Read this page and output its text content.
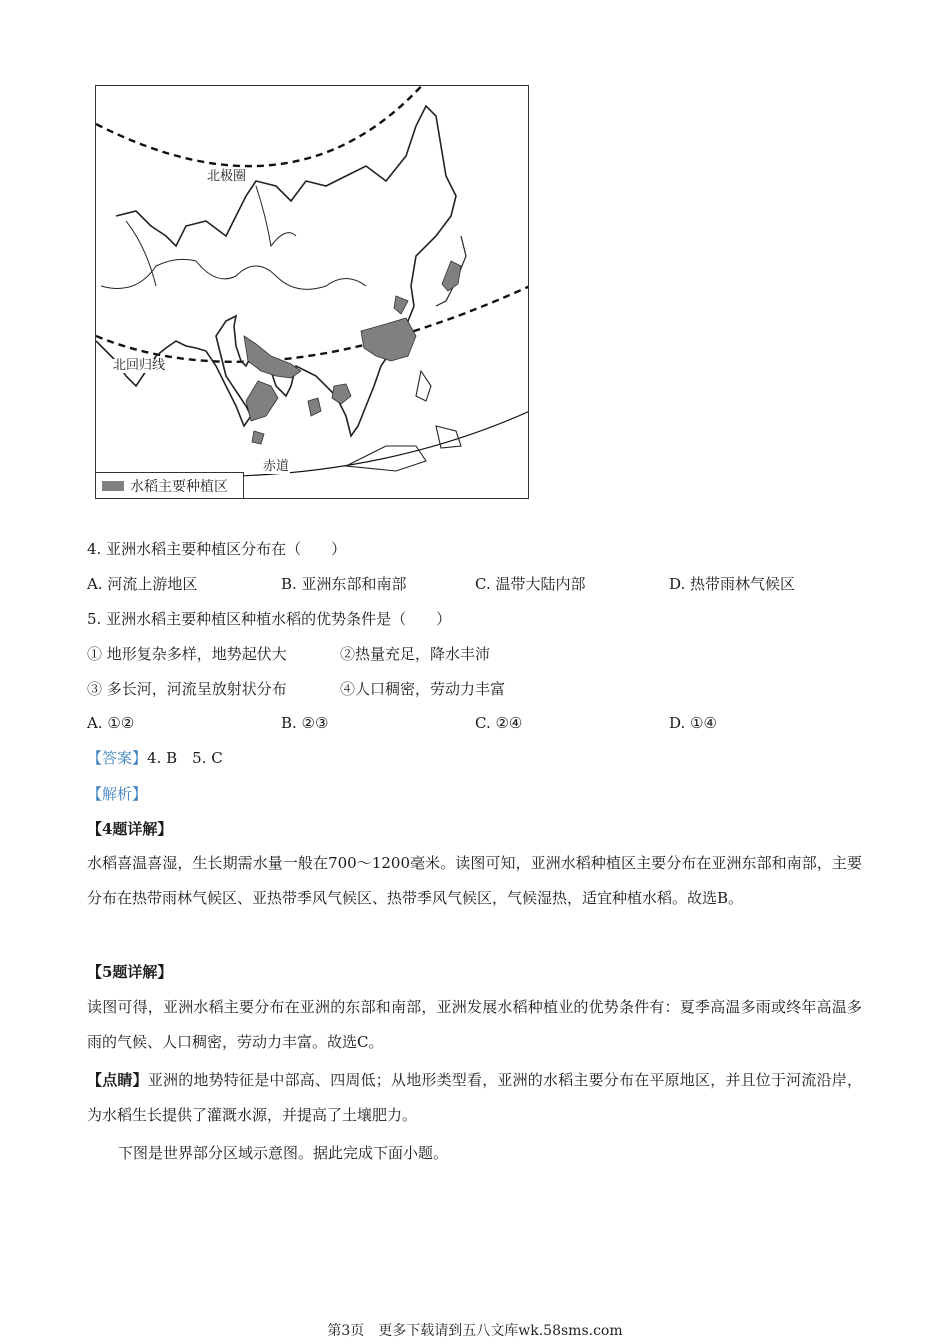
北极圈
北回归线
赤道
水稻主要种植区
4. 亚洲水稻主要种植区分布在（　　）
A. 河流上游地区	B. 亚洲东部和南部	C. 温带大陆内部	D. 热带雨林气候区
5. 亚洲水稻主要种植区种植水稻的优势条件是（　　）
① 地形复杂多样，地势起伏大	②热量充足，降水丰沛
③ 多长河，河流呈放射状分布	④人口稠密，劳动力丰富
A. ①②	B. ②③	C. ②④	D. ①④
【答案】4. B　5. C
【解析】
【4题详解】
水稻喜温喜湿，生长期需水量一般在700～1200毫米。读图可知，亚洲水稻种植区主要分布在亚洲东部和南部，主要分布在热带雨林气候区、亚热带季风气候区、热带季风气候区，气候湿热，适宜种植水稻。故选B。
【5题详解】
读图可得，亚洲水稻主要分布在亚洲的东部和南部，亚洲发展水稻种植业的优势条件有：夏季高温多雨或终年高温多雨的气候、人口稠密，劳动力丰富。故选C。
【点睛】亚洲的地势特征是中部高、四周低；从地形类型看，亚洲的水稻主要分布在平原地区，并且位于河流沿岸，为水稻生长提供了灌溉水源，并提高了土壤肥力。
下图是世界部分区域示意图。据此完成下面小题。
第3页　更多下载请到五八文库wk.58sms.com
